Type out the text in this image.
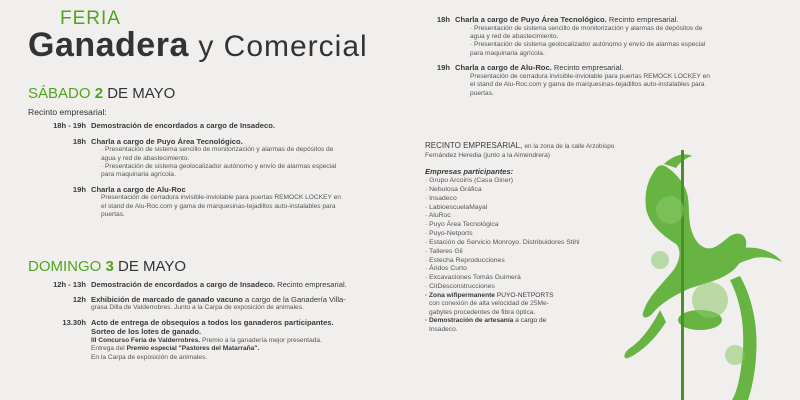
FERIA
Ganadera y Comercial
SÁBADO 2 DE MAYO
Recinto empresarial:
18h - 19h Demostración de encordados a cargo de Insadeco.
18h Charla a cargo de Puyo Área Tecnológico.
· Presentación de sistema sencillo de monitorización y alarmas de depósitos de
agua y red de abastecimiento.
· Presentación de sistema geolocalizador autónomo y envío de alarmas especial
para maquinaria agrícola.
19h Charla a cargo de Alu-Roc
Presentación de cerradura invisible-inviolable para puertas REMOCK LOCKEY en
el stand de Alu-Roc.com y gama de marquesinas-tejadillos auto-instalables para
puertas.
DOMINGO 3 DE MAYO
12h - 13h Demostración de encordados a cargo de Insadeco. Recinto empresarial.
12h Exhibición de marcado de ganado vacuno a cargo de la Ganadería Villa-
grasa Dilla de Valderrobres. Junto a la Carpa de exposición de animales.
13.30h Acto de entrega de obsequios a todos los ganaderos participantes.
Sorteo de los lotes de ganado.
III Concurso Feria de Valderrobres. Premio a la ganadería mejor presentada.
Entrega del Premio especial "Pastores del Matarraña".
En la Carpa de exposición de animales.
18h Charla a cargo de Puyo Área Tecnológico. Recinto empresarial.
· Presentación de sistema sencillo de monitorización y alarmas de depósitos de
agua y red de abastecimiento.
· Presentación de sistema geolocalizador autónomo y envío de alarmas especial
para maquinaria agrícola.
19h Charla a cargo de Alu-Roc. Recinto empresarial.
Presentación de cerradura invisible-inviolable para puertas REMOCK LOCKEY en
el stand de Alu-Roc.com y gama de marquesinas-tejadillos auto-instalables para
puertas.
RECINTO EMPRESARIAL, en la zona de la calle Arzobispo
Fernández Heredia (junto a la Almendrera)
Empresas participantes:
· Grupo Arcoiris (Casa Giner)
· Nebulosa Gráfica
· Insadeco
· LabioescuelaMayal
· AluRoc
· Puyo Área Tecnológica
· Puyo-Netports
· Estación de Servicio Monroyo. Distribuidores Stihl
· Talleres Gil
· Estecha Reproducciones
· Áridos Curto
· Excavaciones Tomás Guimerà
· CitDesconstrucciones
· Zona wifipermanente PUYO-NETPORTS
con conexión de alta velocidad de 25Me-
gabytes procedentes de fibra óptica.
· Demostración de artesanía a cargo de
Insadeco.
